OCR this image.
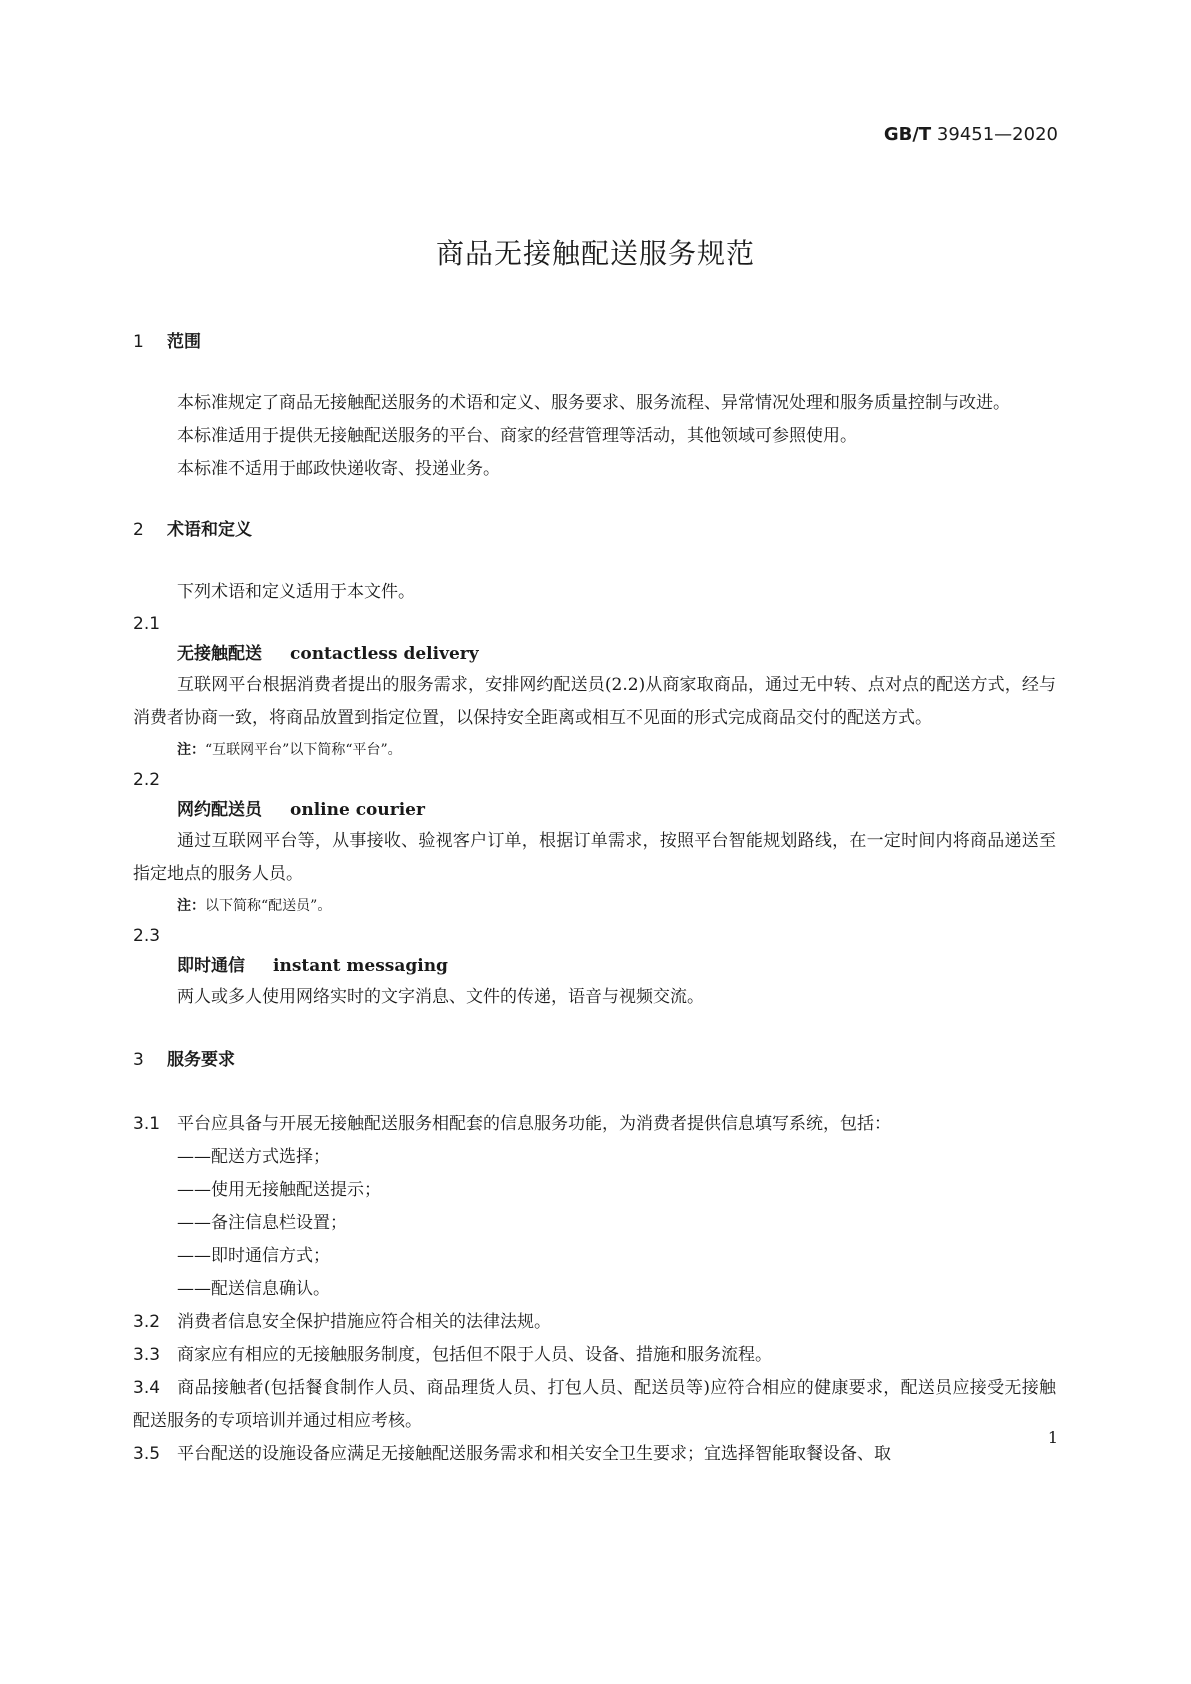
GB/T 39451—2020
商品无接触配送服务规范
1 范围
本标准规定了商品无接触配送服务的术语和定义、服务要求、服务流程、异常情况处理和服务质量控制与改进。
本标准适用于提供无接触配送服务的平台、商家的经营管理等活动，其他领域可参照使用。
本标准不适用于邮政快递收寄、投递业务。
2 术语和定义
下列术语和定义适用于本文件。
2.1
无接触配送 contactless delivery
互联网平台根据消费者提出的服务需求，安排网约配送员(2.2)从商家取商品，通过无中转、点对点的配送方式，经与消费者协商一致，将商品放置到指定位置，以保持安全距离或相互不见面的形式完成商品交付的配送方式。
注：“互联网平台”以下简称“平台”。
2.2
网约配送员 online courier
通过互联网平台等，从事接收、验视客户订单，根据订单需求，按照平台智能规划路线，在一定时间内将商品递送至指定地点的服务人员。
注：以下简称“配送员”。
2.3
即时通信 instant messaging
两人或多人使用网络实时的文字消息、文件的传递，语音与视频交流。
3 服务要求
3.1 平台应具备与开展无接触配送服务相配套的信息服务功能，为消费者提供信息填写系统，包括：
——配送方式选择；
——使用无接触配送提示；
——备注信息栏设置；
——即时通信方式；
——配送信息确认。
3.2 消费者信息安全保护措施应符合相关的法律法规。
3.3 商家应有相应的无接触服务制度，包括但不限于人员、设备、措施和服务流程。
3.4 商品接触者(包括餐食制作人员、商品理货人员、打包人员、配送员等)应符合相应的健康要求，配送员应接受无接触配送服务的专项培训并通过相应考核。
3.5 平台配送的设施设备应满足无接触配送服务需求和相关安全卫生要求；宜选择智能取餐设备、取
1
